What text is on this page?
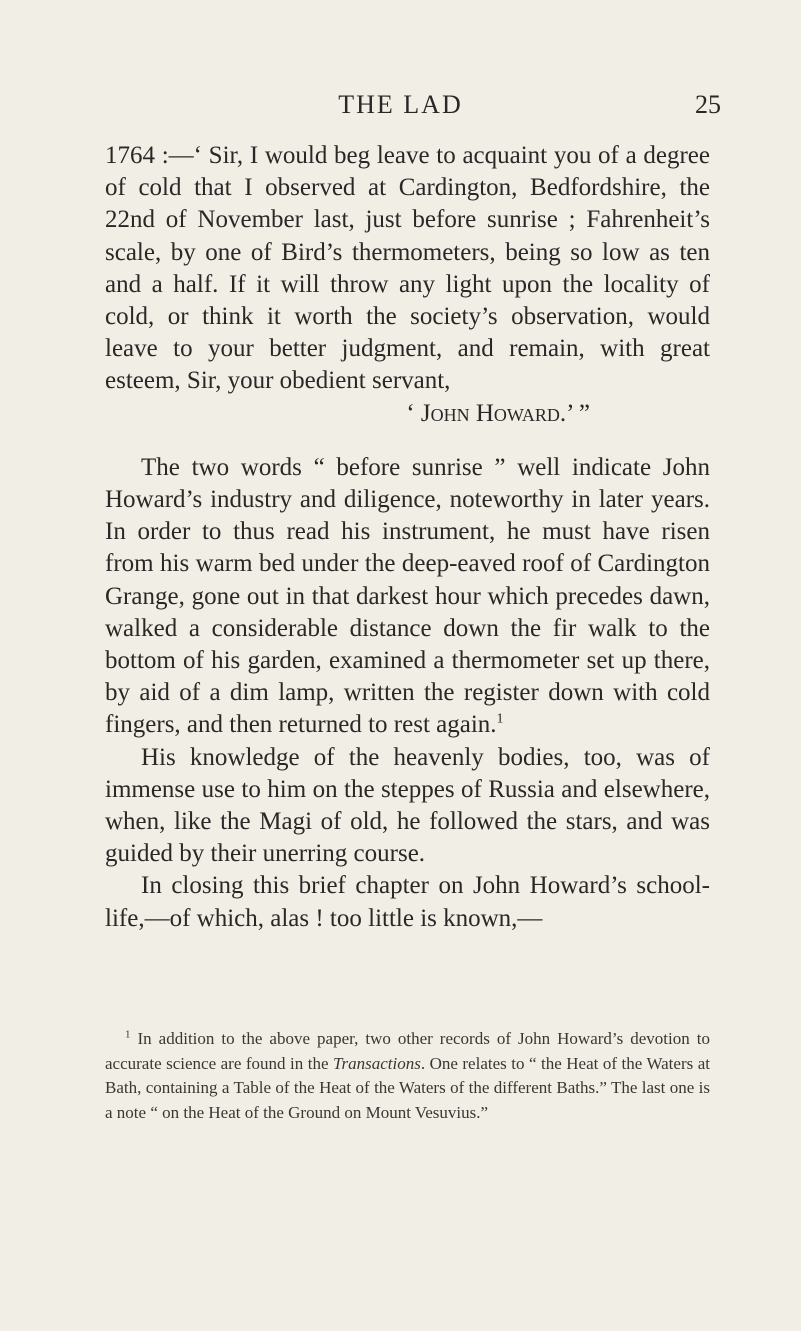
THE LAD	25

1764 :—‘ Sir, I would beg leave to acquaint you of a degree of cold that I observed at Cardington, Bedfordshire, the 22nd of November last, just before sunrise ; Fahrenheit’s scale, by one of Bird’s thermometers, being so low as ten and a half. If it will throw any light upon the locality of cold, or think it worth the society’s observation, would leave to your better judgment, and remain, with great esteem, Sir, your obedient servant,

‘ John Howard.’ ”

The two words “ before sunrise ” well indicate John Howard’s industry and diligence, noteworthy in later years. In order to thus read his instrument, he must have risen from his warm bed under the deep-eaved roof of Cardington Grange, gone out in that darkest hour which precedes dawn, walked a considerable distance down the fir walk to the bottom of his garden, examined a thermometer set up there, by aid of a dim lamp, written the register down with cold fingers, and then returned to rest again.$^1$

His knowledge of the heavenly bodies, too, was of immense use to him on the steppes of Russia and elsewhere, when, like the Magi of old, he followed the stars, and was guided by their unerring course.

In closing this brief chapter on John Howard’s school-life,—of which, alas ! too little is known,—

$^1$ In addition to the above paper, two other records of John Howard’s devotion to accurate science are found in the Transactions. One relates to “ the Heat of the Waters at Bath, containing a Table of the Heat of the Waters of the different Baths.” The last one is a note “ on the Heat of the Ground on Mount Vesuvius.”
